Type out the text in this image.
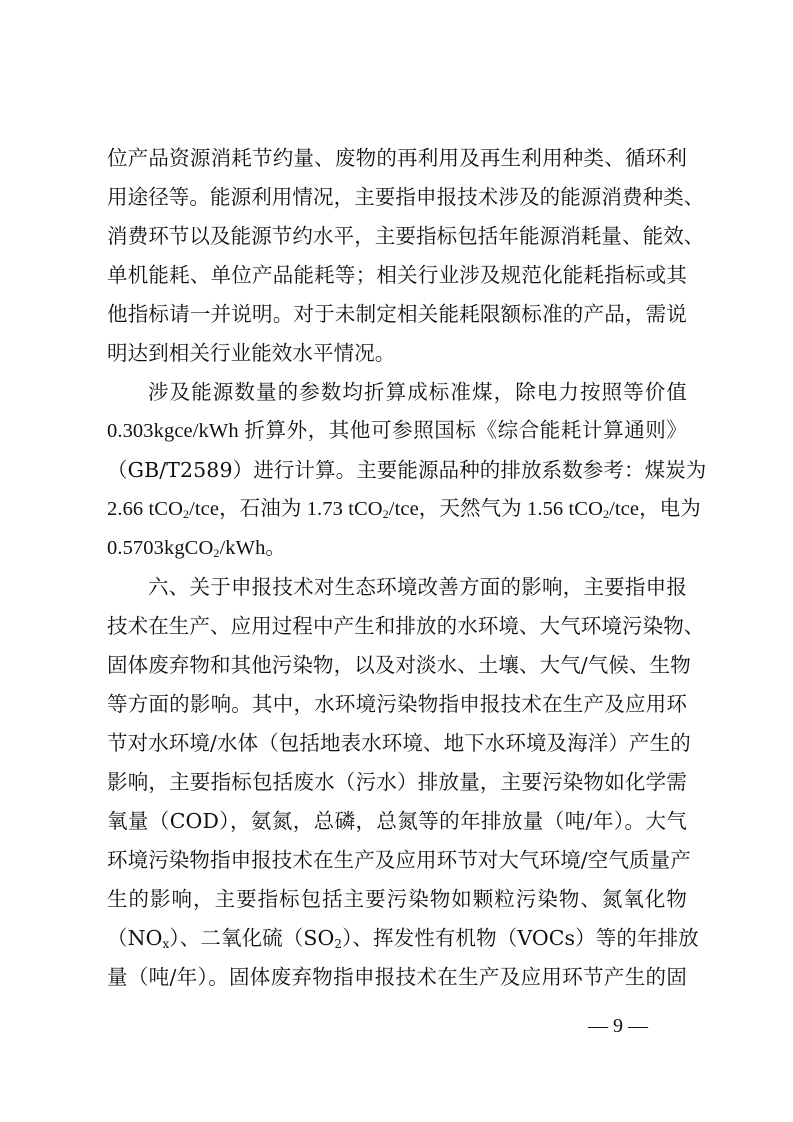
位产品资源消耗节约量、废物的再利用及再生利用种类、循环利
用途径等。能源利用情况，主要指申报技术涉及的能源消费种类、
消费环节以及能源节约水平，主要指标包括年能源消耗量、能效、
单机能耗、单位产品能耗等；相关行业涉及规范化能耗指标或其
他指标请一并说明。对于未制定相关能耗限额标准的产品，需说
明达到相关行业能效水平情况。
涉及能源数量的参数均折算成标准煤，除电力按照等价值
0.303kgce/kWh 折算外，其他可参照国标《综合能耗计算通则》
（GB/T2589）进行计算。主要能源品种的排放系数参考：煤炭为
2.66 tCO$_2$/tce，石油为 1.73 tCO$_2$/tce，天然气为 1.56 tCO$_2$/tce，电为
0.5703kgCO$_2$/kWh。
六、关于申报技术对生态环境改善方面的影响，主要指申报
技术在生产、应用过程中产生和排放的水环境、大气环境污染物、
固体废弃物和其他污染物，以及对淡水、土壤、大气/气候、生物
等方面的影响。其中，水环境污染物指申报技术在生产及应用环
节对水环境/水体（包括地表水环境、地下水环境及海洋）产生的
影响，主要指标包括废水（污水）排放量，主要污染物如化学需
氧量（COD），氨氮，总磷，总氮等的年排放量（吨/年）。大气
环境污染物指申报技术在生产及应用环节对大气环境/空气质量产
生的影响，主要指标包括主要污染物如颗粒污染物、氮氧化物
$(NO_x)$、二氧化硫$(SO_2)$、挥发性有机物（VOCs）等的年排放
量（吨/年）。固体废弃物指申报技术在生产及应用环节产生的固
— 9 —
